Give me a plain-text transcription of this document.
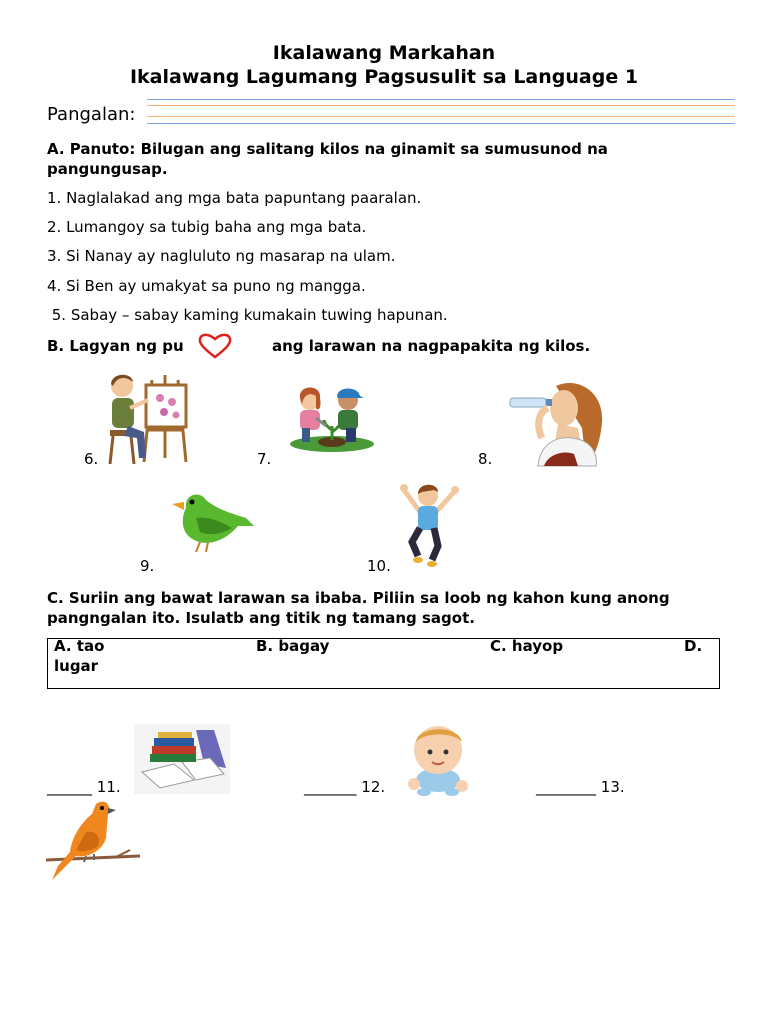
Ikalawang Markahan
Ikalawang Lagumang Pagsusulit sa Language 1
Pangalan:
A. Panuto: Bilugan ang salitang kilos na ginamit sa sumusunod na pangungusap.
1. Naglalakad ang mga bata papuntang paaralan.
2. Lumangoy sa tubig baha ang mga bata.
3. Si Nanay ay nagluluto ng masarap na ulam.
4. Si Ben ay umakyat sa puno ng mangga.
5. Sabay – sabay kaming kumakain tuwing hapunan.
B. Lagyan ng pu	ang larawan na nagpapakita ng kilos.
6.	7.	8.
9.	10.
C. Suriin ang bawat larawan sa ibaba. Piliin sa loob ng kahon kung anong pangngalan ito. Isulatb ang titik ng tamang sagot.
A. tao	B. bagay	C. hayop	D.
lugar
______ 11.	_______ 12.	________ 13.
